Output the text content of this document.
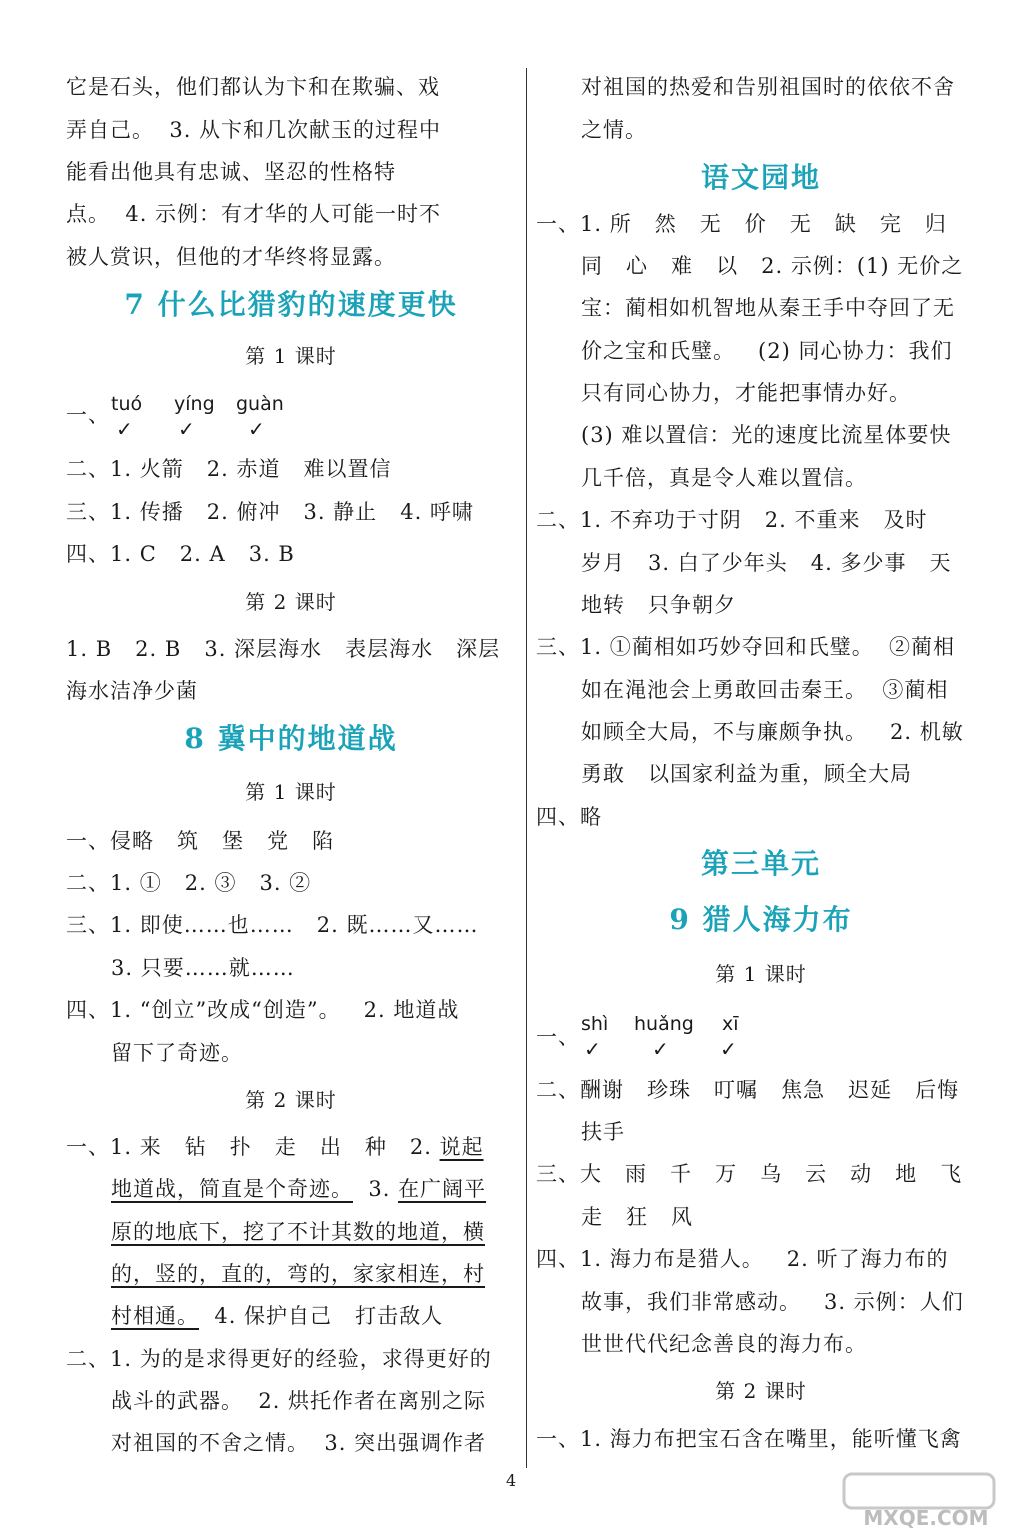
它是石头，他们都认为卞和在欺骗、戏
弄自己。  3. 从卞和几次献玉的过程中
能看出他具有忠诚、坚忍的性格特
点。  4. 示例：有才华的人可能一时不
被人赏识，但他的才华终将显露。
7 什么比猎豹的速度更快
第 1 课时
一、 tuó yíng guàn
✓ ✓	✓
二、1. 火箭   2. 赤道   难以置信
三、1. 传播   2. 俯冲   3. 静止   4. 呼啸
四、1. C   2. A   3. B
第 2 课时
1. B   2. B   3. 深层海水   表层海水   深层
海水洁净少菌
8 冀中的地道战
第 1 课时
一、侵略   筑   堡   党   陷
二、1. ①   2. ③   3. ②
三、1. 即使……也……   2. 既……又……
3. 只要……就……
四、1. “创立”改成“创造”。   2. 地道战
留下了奇迹。
第 2 课时
一、1. 来   钻   扑   走   出   种   2. 说起
地道战，简直是个奇迹。  3. 在广阔平
原的地底下，挖了不计其数的地道，横
的，竖的，直的，弯的，家家相连，村
村相通。  4. 保护自己   打击敌人
二、1. 为的是求得更好的经验，求得更好的
战斗的武器。  2. 烘托作者在离别之际
对祖国的不舍之情。  3. 突出强调作者
对祖国的热爱和告别祖国时的依依不舍
之情。
语文园地
一、1. 所   然   无   价   无   缺   完   归
同   心   难   以   2. 示例：(1) 无价之
宝：蔺相如机智地从秦王手中夺回了无
价之宝和氏璧。   (2) 同心协力：我们
只有同心协力，才能把事情办好。
(3) 难以置信：光的速度比流星体要快
几千倍，真是令人难以置信。
二、1. 不弃功于寸阴   2. 不重来   及时
岁月   3. 白了少年头   4. 多少事   天
地转   只争朝夕
三、1. ①蔺相如巧妙夺回和氏璧。  ②蔺相
如在渑池会上勇敢回击秦王。  ③蔺相
如顾全大局，不与廉颇争执。   2. 机敏
勇敢   以国家利益为重，顾全大局
四、略
第三单元
9 猎人海力布
第 1 课时
一、
shì huǎng xī
✓	✓	✓
二、酬谢   珍珠   叮嘱   焦急   迟延   后悔
扶手
三、大   雨   千   万   乌   云   动   地   飞
走   狂   风
四、1. 海力布是猎人。   2. 听了海力布的
故事，我们非常感动。   3. 示例：人们
世世代代纪念善良的海力布。
第 2 课时
一、1. 海力布把宝石含在嘴里，能听懂飞禽
4
MXQE.COM
